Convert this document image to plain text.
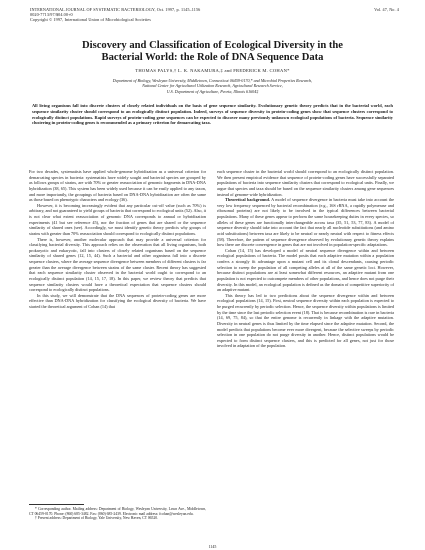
INTERNATIONAL JOURNAL OF SYSTEMATIC BACTERIOLOGY, Oct. 1997, p. 1145–1156
0020-7713/97/$04.00+0
Copyright © 1997, International Union of Microbiological Societies
Vol. 47, No. 4
Discovery and Classification of Ecological Diversity in the
Bacterial World: the Role of DNA Sequence Data
THOMAS PALYS,† L. K. NAKAMURA,‡ and FREDERICK M. COHAN*
Department of Biology, Wesleyan University, Middletown, Connecticut 06459-0170,* and Microbial Properties Research,
National Center for Agricultural Utilization Research, Agricultural Research Service,
U.S. Department of Agriculture, Peoria, Illinois 61604‡
All living organisms fall into discrete clusters of closely related individuals on the basis of gene sequence similarity. Evolutionary genetic theory predicts that in the bacterial world, each sequence similarity cluster should correspond to an ecologically distinct population. Indeed, surveys of sequence diversity in protein-coding genes show that sequence clusters correspond to ecologically distinct populations. Rapid surveys of protein-coding gene sequences can be expected to discover many previously unknown ecological populations of bacteria. Sequence similarity clustering in protein-coding genes is recommended as a primary criterion for demarcating taxa.

For two decades, systematists have applied whole-genome hybridization as a universal criterion for demarcating species in bacteria: systematists have widely sought and bacterial species are grouped by as follows groups of strains, are with 70% or greater reassociation of genomic fragments in DNA-DNA hybridization (38, 65). This system has been widely used because it can be easily applied to any taxon, and more importantly, the groupings of bacteria based on DNA-DNA hybridization are often the same as those based on phenotypic characters and ecology (36).

However, it is becoming increasingly evident that any particular cut-off value (such as 70%) is arbitrary, and not guaranteed to yield groups of bacteria that correspond to ecological units (52). Also, it is not clear what extent reassociation of genomic DNA corresponds to annual or hybridization experiments (41 but see reference 45), nor the fraction of genes that are shared or the sequence similarity of shared ones (see). Accordingly, we must identify genetic theory predicts why groups of strains with greater than 70% reassociation should correspond to ecologically distinct populations.

There is, however, another molecular approach that may provide a universal criterion for classifying bacterial diversity. This approach relies on the observation that all living organisms, both prokaryotic and eukaryotic, fall into clusters of closely related organisms based on the sequence similarity of shared genes (12, 15, 44). Such a bacterial and other organisms fall into a discrete sequence clusters, where the average sequence divergence between members of different clusters is far greater than the average divergence between strains of the same cluster. Recent theory has suggested that each sequence similarity cluster observed in the bacterial world ought to correspond to an ecologically distinct population (14, 15, 17, 18). In this paper, we review theory that predicts that sequence similarity clusters would have a theoretical expectation that sequence clusters should correspond to ecologically distinct populations.

In this study, we will demonstrate that the DNA sequences of protein-coding genes are more effective than DNA-DNA hybridization for classifying the ecological diversity of bacteria. We have started the theoretical argument of Cohan (14) that

each sequence cluster in the bacterial world should correspond to an ecologically distinct population. We then present empirical evidence that sequence of protein-coding genes have successfully separated populations of bacteria into sequence similarity clusters that correspond to ecological units. Finally, we argue that species and taxa should be based on the sequence similarity clusters among gene sequences instead of genome-wide hybridization.

Theoretical background. A model of sequence divergence in bacteria must take into account the very low frequency sequenced by bacterial recombination (e.g., 16S rRNA, a rapidly polymerase and ribosomal proteins) are not likely to be involved in the typical differences between bacterial populations. Many of these genes appear to perform the same housekeeping duties in every species, so alleles of these genes are functionally interchangeable across taxa (35, 51, 53, 77, 83). A model of sequence diversity should take into account the fact that nearly all nucleotide substitutions (and amino acid substitutions) between taxa are likely to be neutral or nearly neutral with respect to fitness effects (58). Therefore, the pattern of sequence divergence observed by evolutionary genetic theory explains how there are discrete convergence in genes that are not involved in population-specific adaptations.

Cohan (14, 15) has developed a model of neutral sequence divergence within and between ecological populations of bacteria. The model posits that each adaptive mutation within a population confers a strongly fit advantage upon a mutant cell and its clonal descendants, causing periodic selection to sweep the population of all competing alleles at all of the same genetic loci. However, because distinct populations are at least somewhat different resources, an adaptive mutant from one population is not expected to outcompete members of other populations, and hence does not purge their diversity. In this model, an ecological population is defined as the domain of competitive superiority of an adaptive mutant.

This theory has led to two predictions about the sequence divergence within and between ecological populations (14, 15). First, neutral sequence diversity within each population is expected to be purged recurrently by periodic selection. Hence, the sequence diversity within populations is limited by the time since the last periodic selection event (18). That is because recombination is rare in bacteria (14, 69, 75, 84), so that the entire genome is recurrently in linkage with the adaptive mutation. Diversity in neutral genes is thus limited by the time elapsed since the adaptive mutation. Second, the model predicts that populations become ever more divergent, because the selective sweeps by periodic selection in one population do not purge diversity in another. Hence, distinct populations would be expected to form distinct sequence clusters, and this is predicted for all genes, not just for those involved in adaptation of the population.

* Corresponding author. Mailing address: Department of Biology, Wesleyan University, Lawn Ave., Middletown, CT 06459-0170. Phone: (860) 685-3482. Fax: (860) 685-2439. Electronic mail address: fcohan@wesleyan.edu.

† Present address: Department of Biology, Yale University, New Haven, CT 06520.

1145
